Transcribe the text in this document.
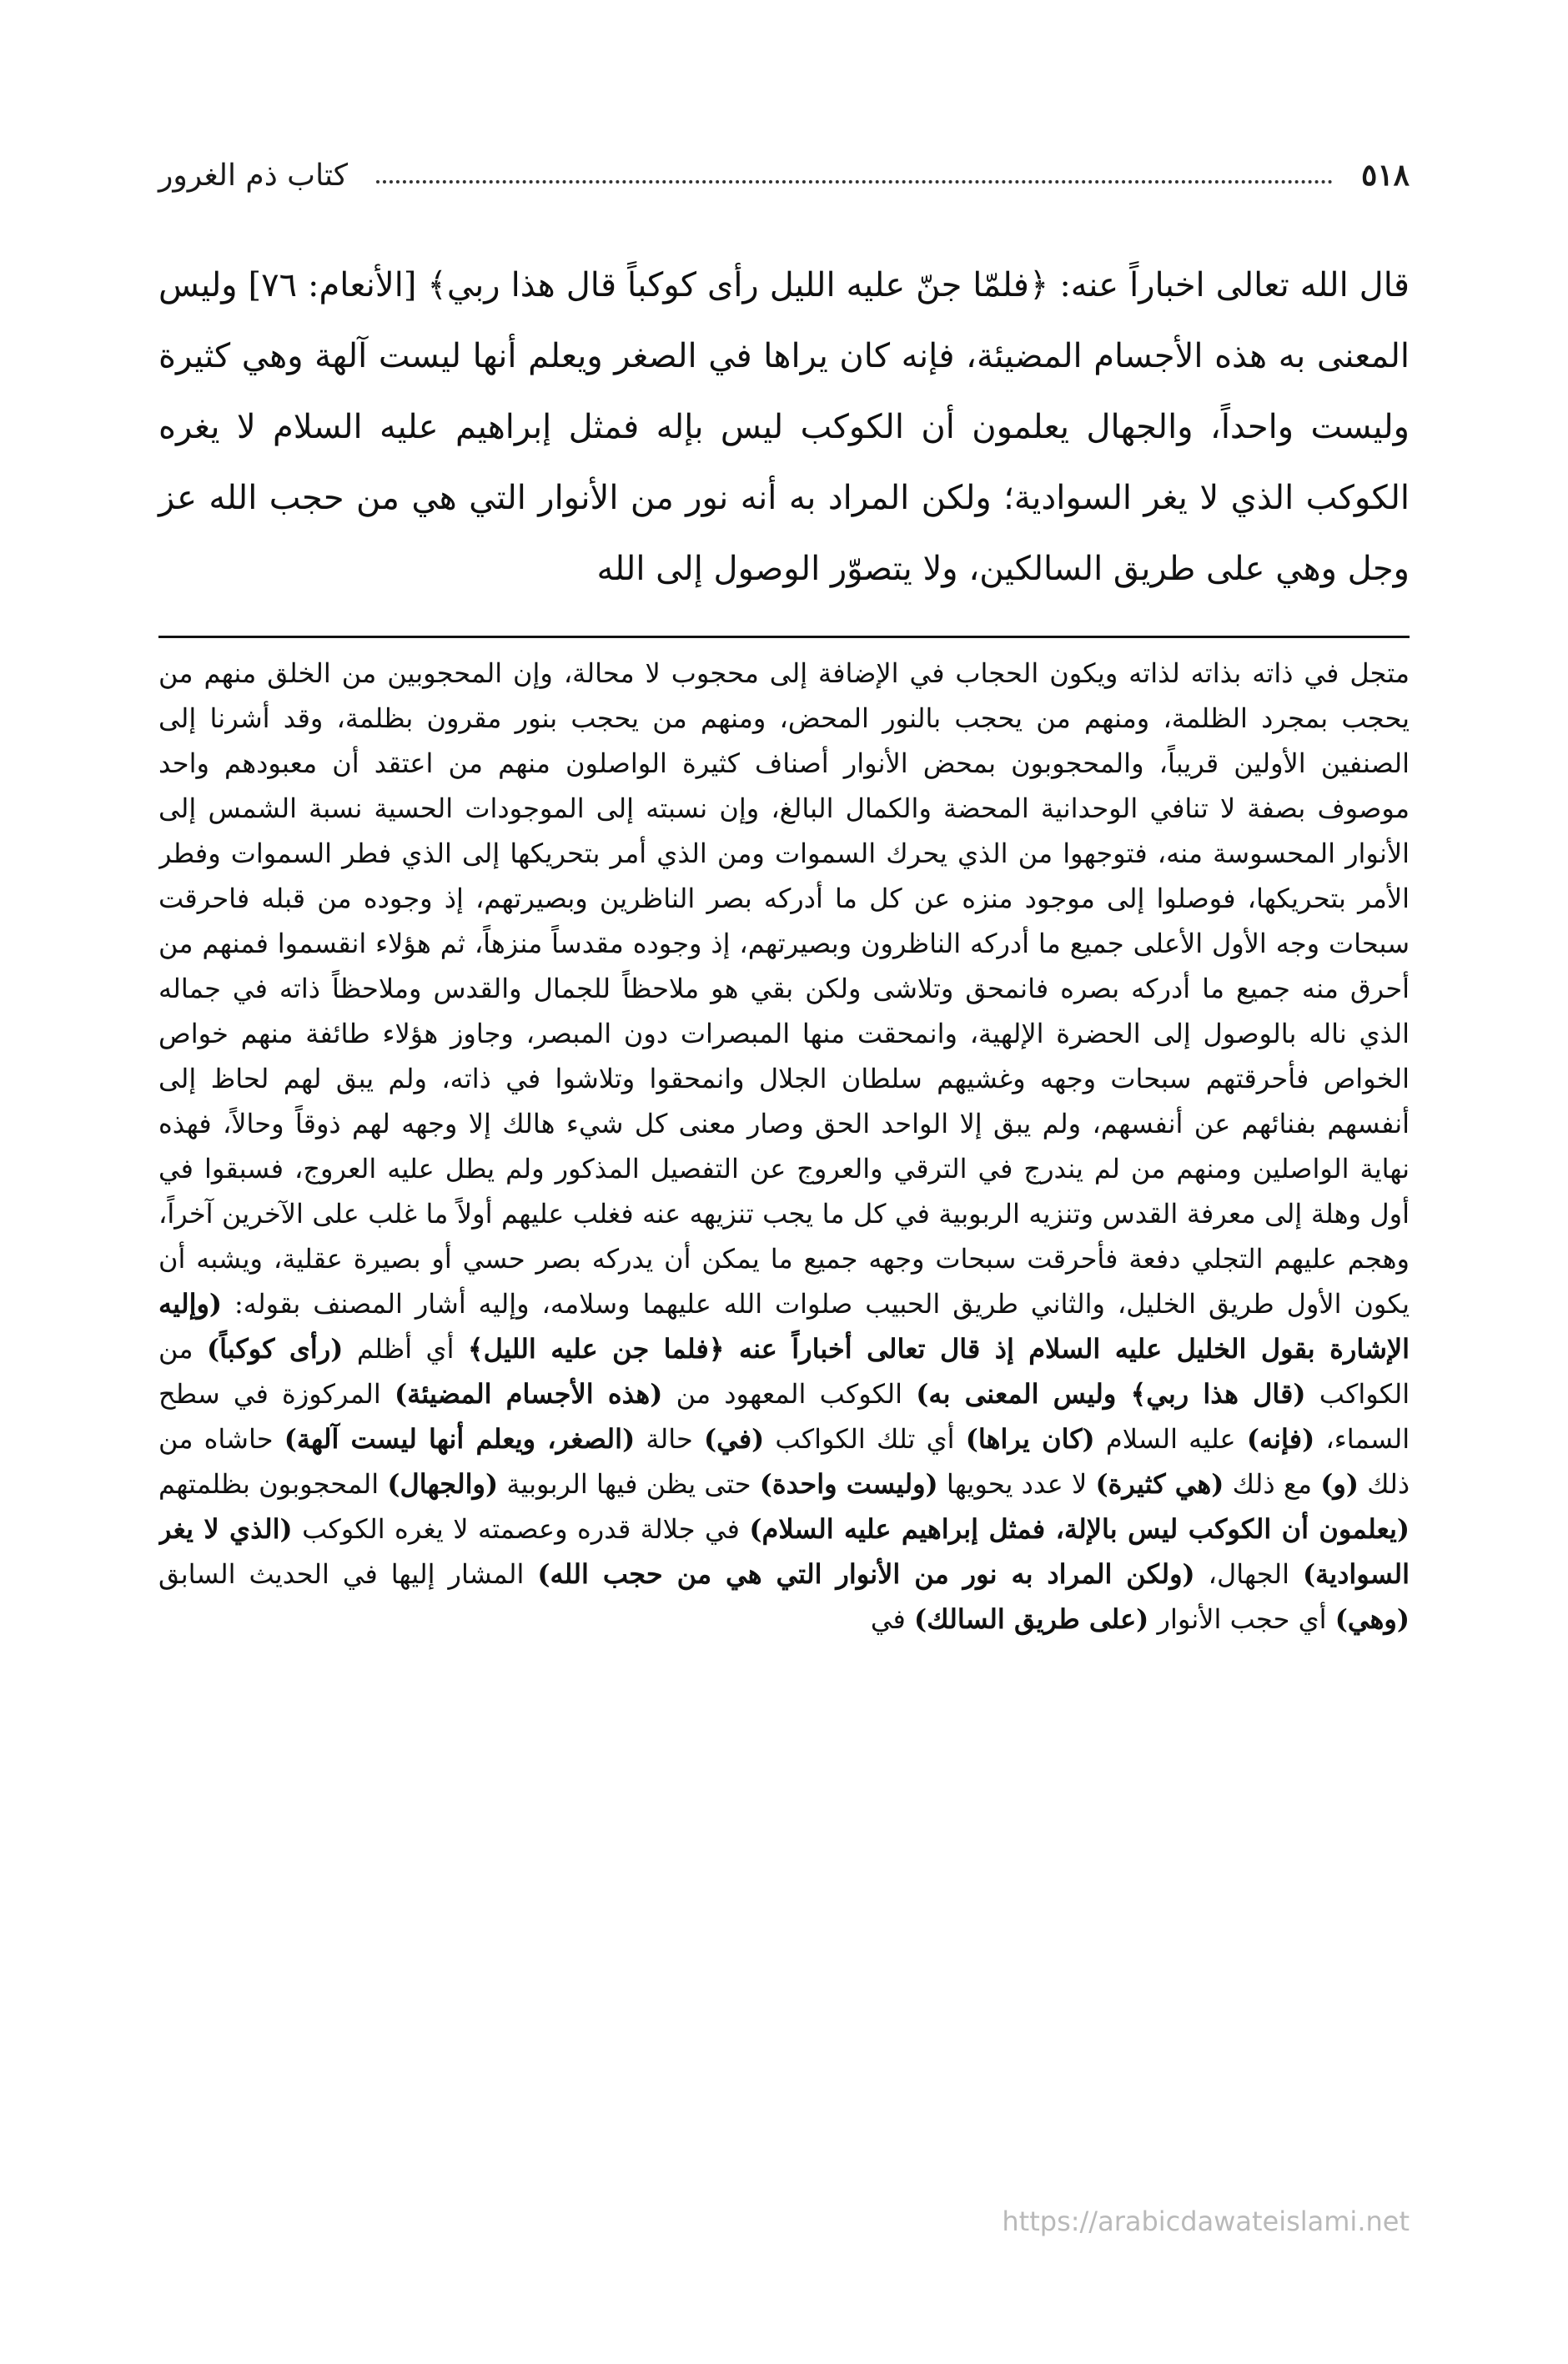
٥١٨
كتاب ذم الغرور

قال الله تعالى اخباراً عنه: ﴿فلمّا جنّ عليه الليل رأى كوكباً قال هذا ربي﴾ [الأنعام: ٧٦] وليس المعنى به هذه الأجسام المضيئة، فإنه كان يراها في الصغر ويعلم أنها ليست آلهة وهي كثيرة وليست واحداً، والجهال يعلمون أن الكوكب ليس بإله فمثل إبراهيم عليه السلام لا يغره الكوكب الذي لا يغر السوادية؛ ولكن المراد به أنه نور من الأنوار التي هي من حجب الله عز وجل وهي على طريق السالكين، ولا يتصوّر الوصول إلى الله

متجل في ذاته بذاته لذاته ويكون الحجاب في الإضافة إلى محجوب لا محالة، وإن المحجوبين من الخلق منهم من يحجب بمجرد الظلمة، ومنهم من يحجب بالنور المحض، ومنهم من يحجب بنور مقرون بظلمة، وقد أشرنا إلى الصنفين الأولين قريباً، والمحجوبون بمحض الأنوار أصناف كثيرة الواصلون منهم من اعتقد أن معبودهم واحد موصوف بصفة لا تنافي الوحدانية المحضة والكمال البالغ، وإن نسبته إلى الموجودات الحسية نسبة الشمس إلى الأنوار المحسوسة منه، فتوجهوا من الذي يحرك السموات ومن الذي أمر بتحريكها إلى الذي فطر السموات وفطر الأمر بتحريكها، فوصلوا إلى موجود منزه عن كل ما أدركه بصر الناظرين وبصيرتهم، إذ وجوده من قبله فاحرقت سبحات وجه الأول الأعلى جميع ما أدركه الناظرون وبصيرتهم، إذ وجوده مقدساً منزهاً، ثم هؤلاء انقسموا فمنهم من أحرق منه جميع ما أدركه بصره فانمحق وتلاشى ولكن بقي هو ملاحظاً للجمال والقدس وملاحظاً ذاته في جماله الذي ناله بالوصول إلى الحضرة الإلهية، وانمحقت منها المبصرات دون المبصر، وجاوز هؤلاء طائفة منهم خواص الخواص فأحرقتهم سبحات وجهه وغشيهم سلطان الجلال وانمحقوا وتلاشوا في ذاته، ولم يبق لهم لحاظ إلى أنفسهم بفنائهم عن أنفسهم، ولم يبق إلا الواحد الحق وصار معنى كل شيء هالك إلا وجهه لهم ذوقاً وحالاً، فهذه نهاية الواصلين ومنهم من لم يندرج في الترقي والعروج عن التفصيل المذكور ولم يطل عليه العروج، فسبقوا في أول وهلة إلى معرفة القدس وتنزيه الربوبية في كل ما يجب تنزيهه عنه فغلب عليهم أولاً ما غلب على الآخرين آخراً، وهجم عليهم التجلي دفعة فأحرقت سبحات وجهه جميع ما يمكن أن يدركه بصر حسي أو بصيرة عقلية، ويشبه أن يكون الأول طريق الخليل، والثاني طريق الحبيب صلوات الله عليهما وسلامه، وإليه أشار المصنف بقوله: (وإليه الإشارة بقول الخليل عليه السلام إذ قال تعالى أخباراً عنه ﴿فلما جن عليه الليل﴾ أي أظلم (رأى كوكباً) من الكواكب (قال هذا ربي﴾ وليس المعنى به) الكوكب المعهود من (هذه الأجسام المضيئة) المركوزة في سطح السماء، (فإنه) عليه السلام (كان يراها) أي تلك الكواكب (في) حالة (الصغر، ويعلم أنها ليست آلهة) حاشاه من ذلك (و) مع ذلك (هي كثيرة) لا عدد يحويها (وليست واحدة) حتى يظن فيها الربوبية (والجهال) المحجوبون بظلمتهم (يعلمون أن الكوكب ليس بالإلة، فمثل إبراهيم عليه السلام) في جلالة قدره وعصمته لا يغره الكوكب (الذي لا يغر السوادية) الجهال، (ولكن المراد به نور من الأنوار التي هي من حجب الله) المشار إليها في الحديث السابق (وهي) أي حجب الأنوار (على طريق السالك) في

https://arabicdawateislami.net
